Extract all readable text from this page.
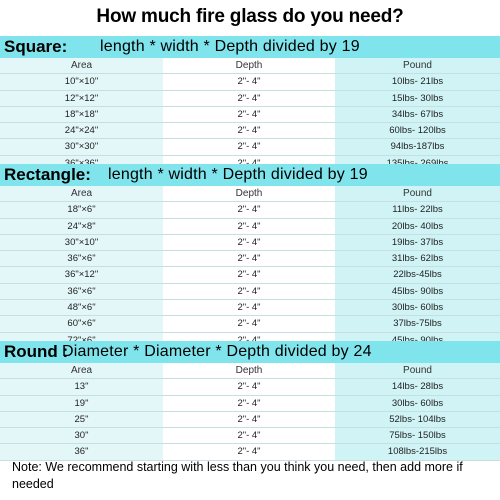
How much fire glass do you need?
Square:	length * width * Depth divided by 19
Area	Depth	Pound
10"×10"	2"- 4"	10lbs- 21lbs
12"×12"	2"- 4"	15lbs- 30lbs
18"×18"	2"- 4"	34lbs- 67lbs
24"×24"	2"- 4"	60lbs- 120lbs
30"×30"	2"- 4"	94lbs-187lbs
Rectangle:	length * width * Depth divided by 19
Area	Depth	Pound
18"×6"	2"- 4"	11lbs- 22lbs
24"×8"	2"- 4"	20lbs- 40lbs
30"×10"	2"- 4"	19lbs- 37lbs
36"×6"	2"- 4"	31lbs- 62lbs
36"×12"	2"- 4"	22lbs-45lbs
36"×6"	2"- 4"	45lbs- 90lbs
48"×6"	2"- 4"	30lbs- 60lbs
60"×6"	2"- 4"	37lbs-75lbs
Round :
Diameter * Diameter * Depth divided by 24
Area	Depth	Pound
13"	2"- 4"	14lbs- 28lbs
19"	2"- 4"	30lbs- 60lbs
25"	2"- 4"	52lbs- 104lbs
30"	2"- 4"	75lbs- 150lbs
36"	2"- 4"	108lbs-215lbs
Note: We recommend starting with less than you think you need, then add more if needed
